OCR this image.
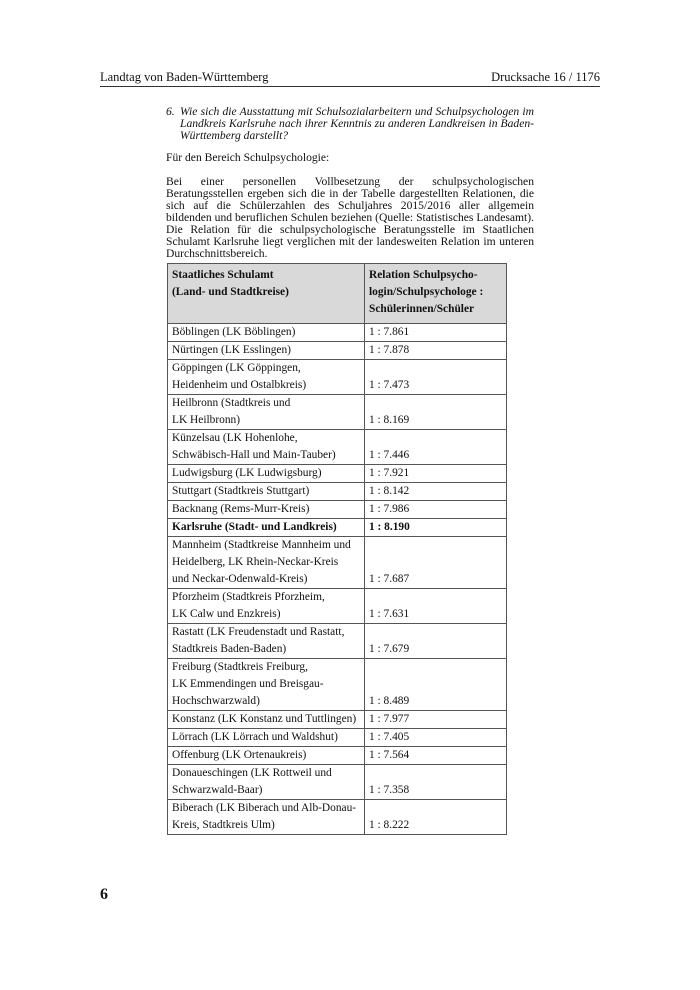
Landtag von Baden-Württemberg	Drucksache 16 / 1176
6. Wie sich die Ausstattung mit Schulsozialarbeitern und Schulpsychologen im Landkreis Karlsruhe nach ihrer Kenntnis zu anderen Landkreisen in Baden-Württemberg darstellt?
Für den Bereich Schulpsychologie:
Bei einer personellen Vollbesetzung der schulpsychologischen Beratungsstellen ergeben sich die in der Tabelle dargestellten Relationen, die sich auf die Schülerzahlen des Schuljahres 2015/2016 aller allgemein bildenden und beruflichen Schulen beziehen (Quelle: Statistisches Landesamt). Die Relation für die schulpsychologische Beratungsstelle im Staatlichen Schulamt Karlsruhe liegt verglichen mit der landesweiten Relation im unteren Durchschnittsbereich.
Staatliches Schulamt
(Land- und Stadtkreise)	Relation Schulpsycho-
login/Schulpsychologe :
Schülerinnen/Schüler
Böblingen (LK Böblingen)	1 : 7.861
Nürtingen (LK Esslingen)	1 : 7.878
Göppingen (LK Göppingen,
Heidenheim und Ostalbkreis)	1 : 7.473
Heilbronn (Stadtkreis und
LK Heilbronn)	1 : 8.169
Künzelsau (LK Hohenlohe,
Schwäbisch-Hall und Main-Tauber)	1 : 7.446
Ludwigsburg (LK Ludwigsburg)	1 : 7.921
Stuttgart (Stadtkreis Stuttgart)	1 : 8.142
Backnang (Rems-Murr-Kreis)	1 : 7.986
Karlsruhe (Stadt- und Landkreis)	1 : 8.190
Mannheim (Stadtkreise Mannheim und
Heidelberg, LK Rhein-Neckar-Kreis
und Neckar-Odenwald-Kreis)	1 : 7.687
Pforzheim (Stadtkreis Pforzheim,
LK Calw und Enzkreis)	1 : 7.631
Rastatt (LK Freudenstadt und Rastatt,
Stadtkreis Baden-Baden)	1 : 7.679
Freiburg (Stadtkreis Freiburg,
LK Emmendingen und Breisgau-
Hochschwarzwald)	1 : 8.489
Konstanz (LK Konstanz und Tuttlingen)	1 : 7.977
Lörrach (LK Lörrach und Waldshut)	1 : 7.405
Offenburg (LK Ortenaukreis)	1 : 7.564
Donaueschingen (LK Rottweil und
Schwarzwald-Baar)	1 : 7.358
Biberach (LK Biberach und Alb-Donau-
Kreis, Stadtkreis Ulm)	1 : 8.222
6
